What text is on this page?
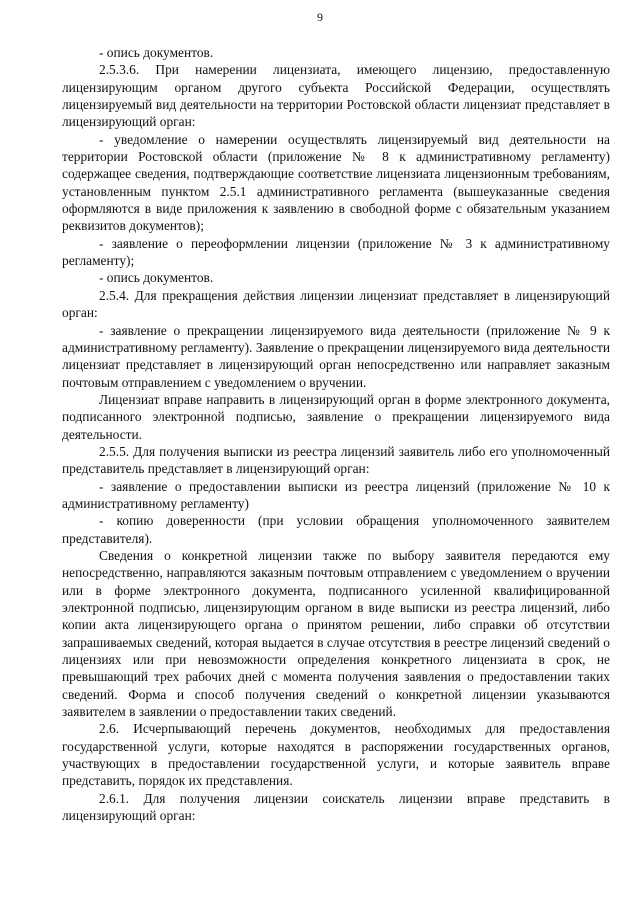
9

- опись документов.

2.5.3.6. При намерении лицензиата, имеющего лицензию, предоставленную лицензирующим органом другого субъекта Российской Федерации, осуществлять лицензируемый вид деятельности на территории Ростовской области лицензиат представляет в лицензирующий орган:

- уведомление о намерении осуществлять лицензируемый вид деятельности на территории Ростовской области (приложение № 8 к административному регламенту) содержащее сведения, подтверждающие соответствие лицензиата лицензионным требованиям, установленным пунктом 2.5.1 административного регламента (вышеуказанные сведения оформляются в виде приложения к заявлению в свободной форме с обязательным указанием реквизитов документов);

- заявление о переоформлении лицензии (приложение № 3 к административному регламенту);

- опись документов.

2.5.4. Для прекращения действия лицензии лицензиат представляет в лицензирующий орган:

- заявление о прекращении лицензируемого вида деятельности (приложение № 9 к административному регламенту). Заявление о прекращении лицензируемого вида деятельности лицензиат представляет в лицензирующий орган непосредственно или направляет заказным почтовым отправлением с уведомлением о вручении.

Лицензиат вправе направить в лицензирующий орган в форме электронного документа, подписанного электронной подписью, заявление о прекращении лицензируемого вида деятельности.

2.5.5. Для получения выписки из реестра лицензий заявитель либо его уполномоченный представитель представляет в лицензирующий орган:

- заявление о предоставлении выписки из реестра лицензий (приложение № 10 к административному регламенту)

- копию доверенности (при условии обращения уполномоченного заявителем представителя).

Сведения о конкретной лицензии также по выбору заявителя передаются ему непосредственно, направляются заказным почтовым отправлением с уведомлением о вручении или в форме электронного документа, подписанного усиленной квалифицированной электронной подписью, лицензирующим органом в виде выписки из реестра лицензий, либо копии акта лицензирующего органа о принятом решении, либо справки об отсутствии запрашиваемых сведений, которая выдается в случае отсутствия в реестре лицензий сведений о лицензиях или при невозможности определения конкретного лицензиата в срок, не превышающий трех рабочих дней с момента получения заявления о предоставлении таких сведений. Форма и способ получения сведений о конкретной лицензии указываются заявителем в заявлении о предоставлении таких сведений.

2.6. Исчерпывающий перечень документов, необходимых для предоставления государственной услуги, которые находятся в распоряжении государственных органов, участвующих в предоставлении государственной услуги, и которые заявитель вправе представить, порядок их представления.

2.6.1. Для получения лицензии соискатель лицензии вправе представить в лицензирующий орган:
